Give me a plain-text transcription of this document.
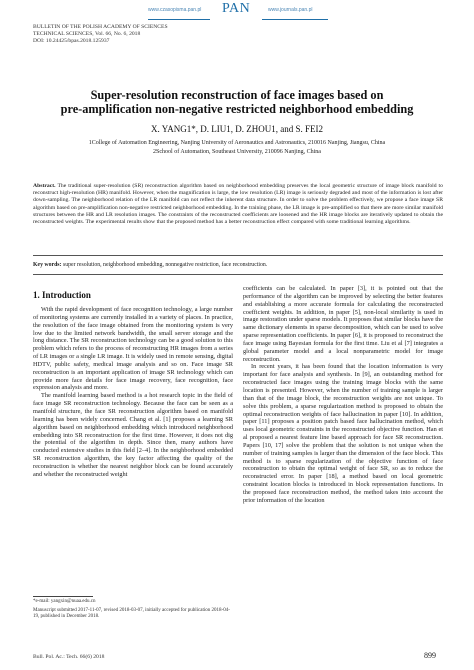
www.czasopisma.pan.pl PAN	www.journals.pan.pl
BULLETIN OF THE POLISH ACADEMY OF SCIENCES
TECHNICAL SCIENCES, Vol. 66, No. 6, 2018
DOI: 10.24425/bpas.2018.125937
Super-resolution reconstruction of face images based on
pre-amplification non-negative restricted neighborhood embedding
X. YANG1*, D. LIU1, D. ZHOU1, and S. FEI2
1College of Automation Engineering, Nanjing University of Aeronautics and Astronautics, 210016 Nanjing, Jiangsu, China
2School of Automation, Southeast University, 210096 Nanjing, China
Abstract. The traditional super-resolution (SR) reconstruction algorithm based on neighborhood embedding preserves the local geometric structure of image block manifold to reconstruct high-resolution (HR) manifold. However, when the magnification is large, the low resolution (LR) image is seriously degraded and most of the information is lost after down-sampling. The neighborhood relation of the LR manifold can not reflect the inherent data structure. In order to solve the problem effectively, we propose a face image SR algorithm based on pre-amplification non-negative restricted neighborhood embedding. In the training phase, the LR image is pre-amplified so that there are more similar manifold structures between the HR and LR resolution images. The constraints of the reconstructed coefficients are loosened and the HR image blocks are iteratively updated to obtain the reconstructed weights. The experimental results show that the proposed method has a better reconstruction effect compared with some traditional learning algorithms.
Key words: super resolution, neighborhood embedding, nonnegative restriction, face reconstruction.
1. Introduction

With the rapid development of face recognition technology, a large number of monitoring systems are currently installed in a variety of places. In practice, the resolution of the face image obtained from the monitoring system is very low due to the limited network bandwidth, the small server storage and the long distance. The SR reconstruction technology can be a good solution to this problem which refers to the process of reconstructing HR images from a series of LR images or a single LR image. It is widely used in remote sensing, digital HDTV, public safety, medical image analysis and so on. Face image SR reconstruction is an important application of image SR technology which can provide more face details for face image recovery, face recognition, face expression analysis and more.

The manifold learning based method is a hot research topic in the field of face image SR reconstruction technology. Because the face can be seen as a manifold structure, the face SR reconstruction algorithm based on manifold learning has been widely concerned. Chang et al. [1] proposes a learning SR algorithm based on neighborhood embedding which introduced neighborhood embedding into SR reconstruction for the first time. However, it does not dig the potential of the algorithm in depth. Since then, many authors have conducted extensive studies in this field [2–4]. In the neighborhood embedded SR reconstruction algorithm, the key factor affecting the quality of the reconstruction is whether the nearest neighbor block can be found accurately and whether the reconstructed weight

coefficients can be calculated. In paper [3], it is pointed out that the performance of the algorithm can be improved by selecting the better features and establishing a more accurate formula for calculating the reconstructed coefficient weights. In addition, in paper [5], non-local similarity is used in image restoration under sparse models. It proposes that similar blocks have the same dictionary elements in sparse decomposition, which can be used to solve sparse representation coefficients. In paper [6], it is proposed to reconstruct the face image using Bayesian formula for the first time. Liu et al [7] integrates a global parameter model and a local nonparametric model for image reconstruction.

In recent years, it has been found that the location information is very important for face analysis and synthesis. In [9], an outstanding method for reconstructed face images using the training image blocks with the same location is presented. However, when the number of training sample is larger than that of the image block, the reconstruction weights are not unique. To solve this problem, a sparse regularization method is proposed to obtain the optimal reconstruction weights of face hallucination in paper [10]. In addition, paper [11] proposes a position patch based face hallucination method, which uses local geometric constraints in the reconstructed objective function. Han et al proposed a nearest feature line based approach for face SR reconstruction. Papers [10, 17] solve the problem that the solution is not unique when the number of training samples is larger than the dimension of the face block. This method is to sparse regularization of the objective function of face reconstruction to obtain the optimal weight of face SR, so as to reduce the reconstructed error. In paper [18], a method based on local geometric constraint location blocks is introduced in block representation functions. In the proposed face reconstruction method, the method takes into account the prior information of the location

*e-mail: yangxin@nuaa.edu.cn
Manuscript submitted 2017-11-07, revised 2018-03-07, initially accepted for publication 2018-04-19, published in December 2018.
Bull. Pol. Ac.: Tech. 66(6) 2018	899
